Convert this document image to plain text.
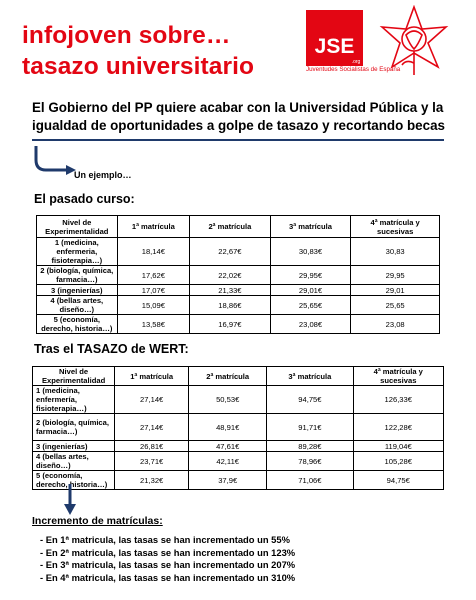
infojoven sobre…
tasazo universitario
JSE
.org
Juventudes Socialistas de España
El Gobierno del PP quiere acabar con la Universidad Pública y la igualdad de oportunidades a golpe de tasazo y recortando becas
Un ejemplo…
El pasado curso:
Nivel de Experimentalidad	1ª matrícula	2ª matrícula	3ª matrícula	4ª matrícula y sucesivas
1 (medicina, enfermeria, fisioterapia…)	18,14€	22,67€	30,83€	30,83
2 (biología, química, farmacia…)	17,62€	22,02€	29,95€	29,95
3 (ingenierías)	17,07€	21,33€	29,01€	29,01
4 (bellas artes, diseño…)	15,09€	18,86€	25,65€	25,65
5 (economía, derecho, historia…)	13,58€	16,97€	23,08€	23,08
Tras el TASAZO de WERT:
Nivel de Experimentalidad	1ª matrícula	2ª matrícula	3ª matrícula	4ª matrícula y sucesivas
1 (medicina, enfermería, fisioterapia…)	27,14€	50,53€	94,75€	126,33€
2 (biología, química, farmacia…)	27,14€	48,91€	91,71€	122,28€
3 (ingenierías)	26,81€	47,61€	89,28€	119,04€
4 (bellas artes, diseño…)	23,71€	42,11€	78,96€	105,28€
5 (economía, derecho, historia…)	21,32€	37,9€	71,06€	94,75€
Incremento de matrículas:
- En 1ª matricula, las tasas se han incrementado un 55%
- En 2ª matricula, las tasas se han incrementado un 123%
- En 3ª matricula, las tasas se han incrementado un 207%
- En 4ª matricula, las tasas se han incrementado un 310%
